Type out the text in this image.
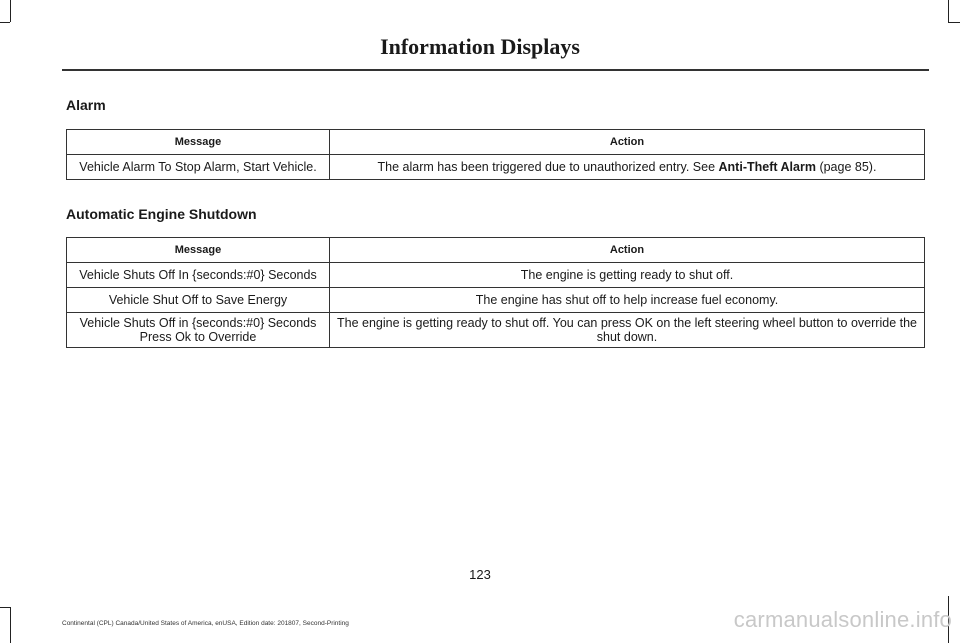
Information Displays
Alarm
Message	Action
Vehicle Alarm To Stop Alarm, Start Vehicle.	The alarm has been triggered due to unauthorized entry. See Anti-Theft Alarm (page 85).
Automatic Engine Shutdown
Message	Action
Vehicle Shuts Off In {seconds:#0} Seconds	The engine is getting ready to shut off.
Vehicle Shut Off to Save Energy	The engine has shut off to help increase fuel economy.
Vehicle Shuts Off in {seconds:#0} Seconds Press Ok to Override	The engine is getting ready to shut off. You can press OK on the left steering wheel button to override the shut down.
123
Continental (CPL) Canada/United States of America, enUSA, Edition date: 201807, Second-Printing	carmanualsonline.info
